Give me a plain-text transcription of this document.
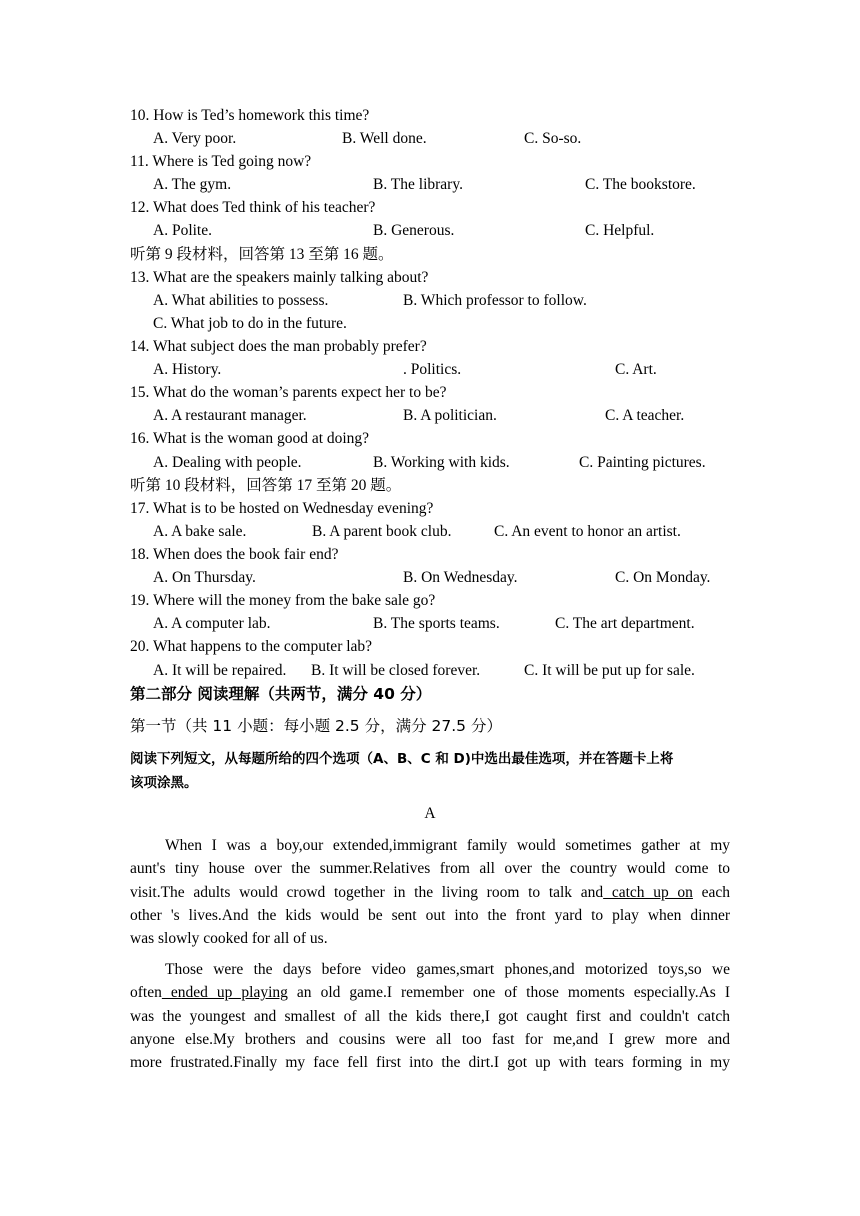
10. How is Ted’s homework this time?
A. Very poor.	B. Well done.	C. So-so.
11. Where is Ted going now?
A. The gym.	B. The library.	C. The bookstore.
12. What does Ted think of his teacher?
A. Polite.	B. Generous.	C. Helpful.
听第 9 段材料，回答第 13 至第 16 题。
13. What are the speakers mainly talking about?
A. What abilities to possess.	B. Which professor to follow.
C. What job to do in the future.
14. What subject does the man probably prefer?
A. History.	. Politics.	C. Art.
15. What do the woman’s parents expect her to be?
A. A restaurant manager.	B. A politician.	C. A teacher.
16. What is the woman good at doing?
A. Dealing with people.	B. Working with kids.	C. Painting pictures.
听第 10 段材料，回答第 17 至第 20 题。
17. What is to be hosted on Wednesday evening?
A. A bake sale.	B. A parent book club.	C. An event to honor an artist.
18. When does the book fair end?
A. On Thursday.	B. On Wednesday.	C. On Monday.
19. Where will the money from the bake sale go?
A. A computer lab.	B. The sports teams.	C. The art department.
20. What happens to the computer lab?
A. It will be repaired. B. It will be closed forever.	C. It will be put up for sale.
第二部分 阅读理解（共两节，满分 40 分）
第一节（共 11 小题：每小题 2.5 分，满分 27.5 分）
阅读下列短文，从每题所给的四个选项（A、B、C 和 D)中选出最佳选项，并在答题卡上将
该项涂黑。
A
When I was a boy,our extended,immigrant family would sometimes gather at my
aunt's tiny house over the summer.Relatives from all over the country would come to
visit.The adults would crowd together in the living room to talk and catch up on each
other 's lives.And the kids would be sent out into the front yard to play when dinner
was slowly cooked for all of us.
Those were the days before video games,smart phones,and motorized toys,so we
often ended up playing an old game.I remember one of those moments especially.As I
was the youngest and smallest of all the kids there,I got caught first and couldn't catch
anyone else.My brothers and cousins were all too fast for me,and I grew more and
more frustrated.Finally my face fell first into the dirt.I got up with tears forming in my
